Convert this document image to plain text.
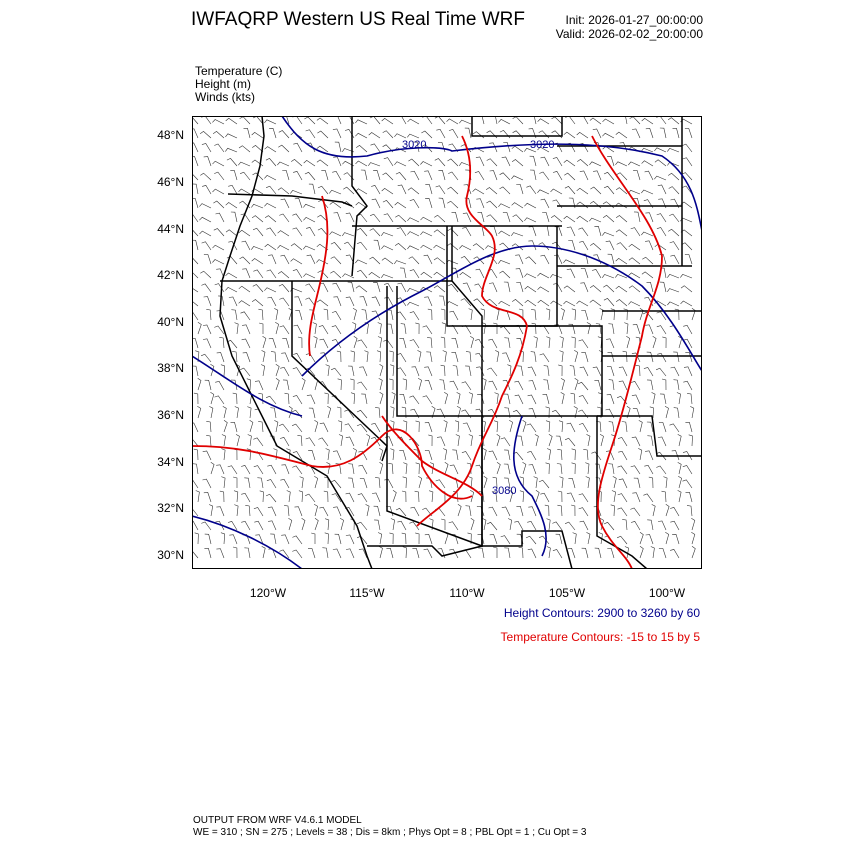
IWFAQRP Western US Real Time WRF	Init: 2026-01-27_00:00:00
Valid: 2026-02-02_20:00:00
Temperature (C)
Height (m)
Winds (kts)
3020	3020
3080
48°N
46°N
44°N
42°N
40°N
38°N
36°N
34°N
32°N
30°N
120°W	115°W	110°W	105°W	100°W
Height Contours: 2900 to 3260 by 60
Temperature Contours: -15 to 15 by 5
OUTPUT FROM WRF V4.6.1 MODEL
WE = 310 ; SN = 275 ; Levels = 38 ; Dis = 8km ; Phys Opt = 8 ; PBL Opt = 1 ; Cu Opt = 3
